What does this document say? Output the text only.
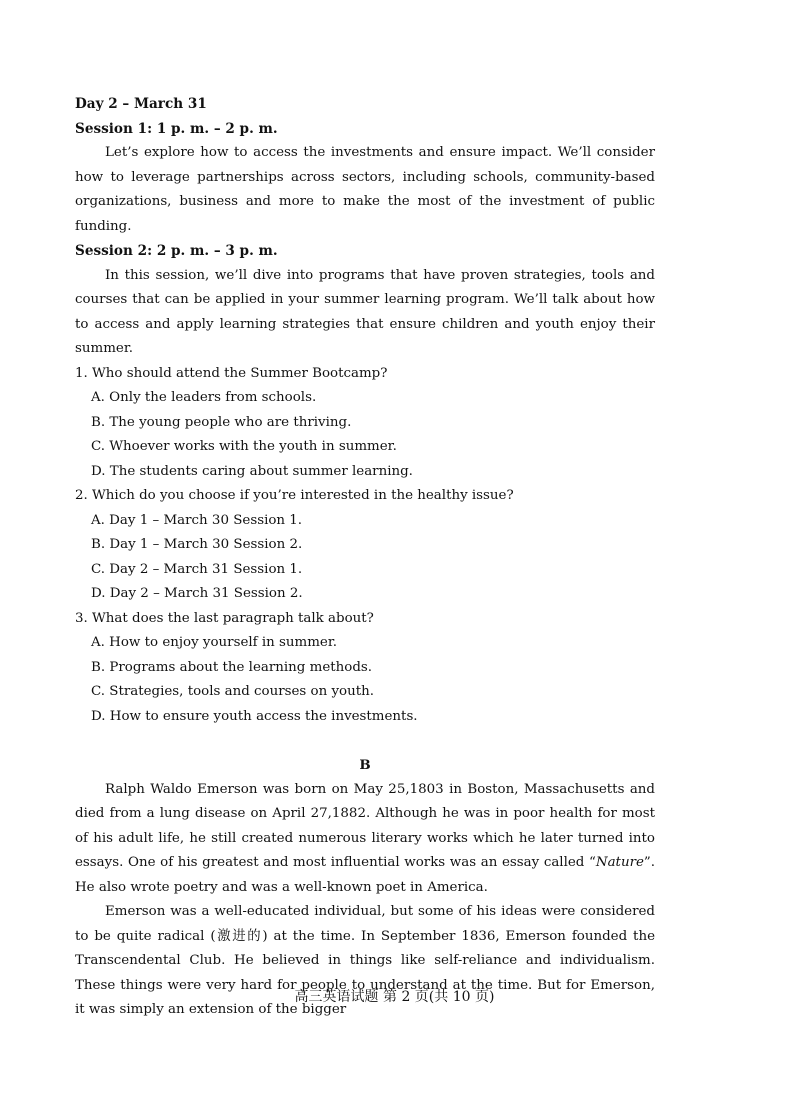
Day 2 – March 31
Session 1: 1 p. m. – 2 p. m.
Let’s explore how to access the investments and ensure impact. We’ll consider how to leverage partnerships across sectors, including schools, community-based organizations, business and more to make the most of the investment of public funding.
Session 2: 2 p. m. – 3 p. m.
In this session, we’ll dive into programs that have proven strategies, tools and courses that can be applied in your summer learning program. We’ll talk about how to access and apply learning strategies that ensure children and youth enjoy their summer.
1. Who should attend the Summer Bootcamp?
A. Only the leaders from schools.
B. The young people who are thriving.
C. Whoever works with the youth in summer.
D. The students caring about summer learning.
2. Which do you choose if you’re interested in the healthy issue?
A. Day 1 – March 30 Session 1.
B. Day 1 – March 30 Session 2.
C. Day 2 – March 31 Session 1.
D. Day 2 – March 31 Session 2.
3. What does the last paragraph talk about?
A. How to enjoy yourself in summer.
B. Programs about the learning methods.
C. Strategies, tools and courses on youth.
D. How to ensure youth access the investments.
B
Ralph Waldo Emerson was born on May 25,1803 in Boston, Massachusetts and died from a lung disease on April 27,1882. Although he was in poor health for most of his adult life, he still created numerous literary works which he later turned into essays. One of his greatest and most influential works was an essay called “Nature”. He also wrote poetry and was a well-known poet in America.
Emerson was a well-educated individual, but some of his ideas were considered to be quite radical (激进的) at the time. In September 1836, Emerson founded the Transcendental Club. He believed in things like self-reliance and individualism. These things were very hard for people to understand at the time. But for Emerson, it was simply an extension of the bigger
高三英语试题 第 2 页(共 10 页)
